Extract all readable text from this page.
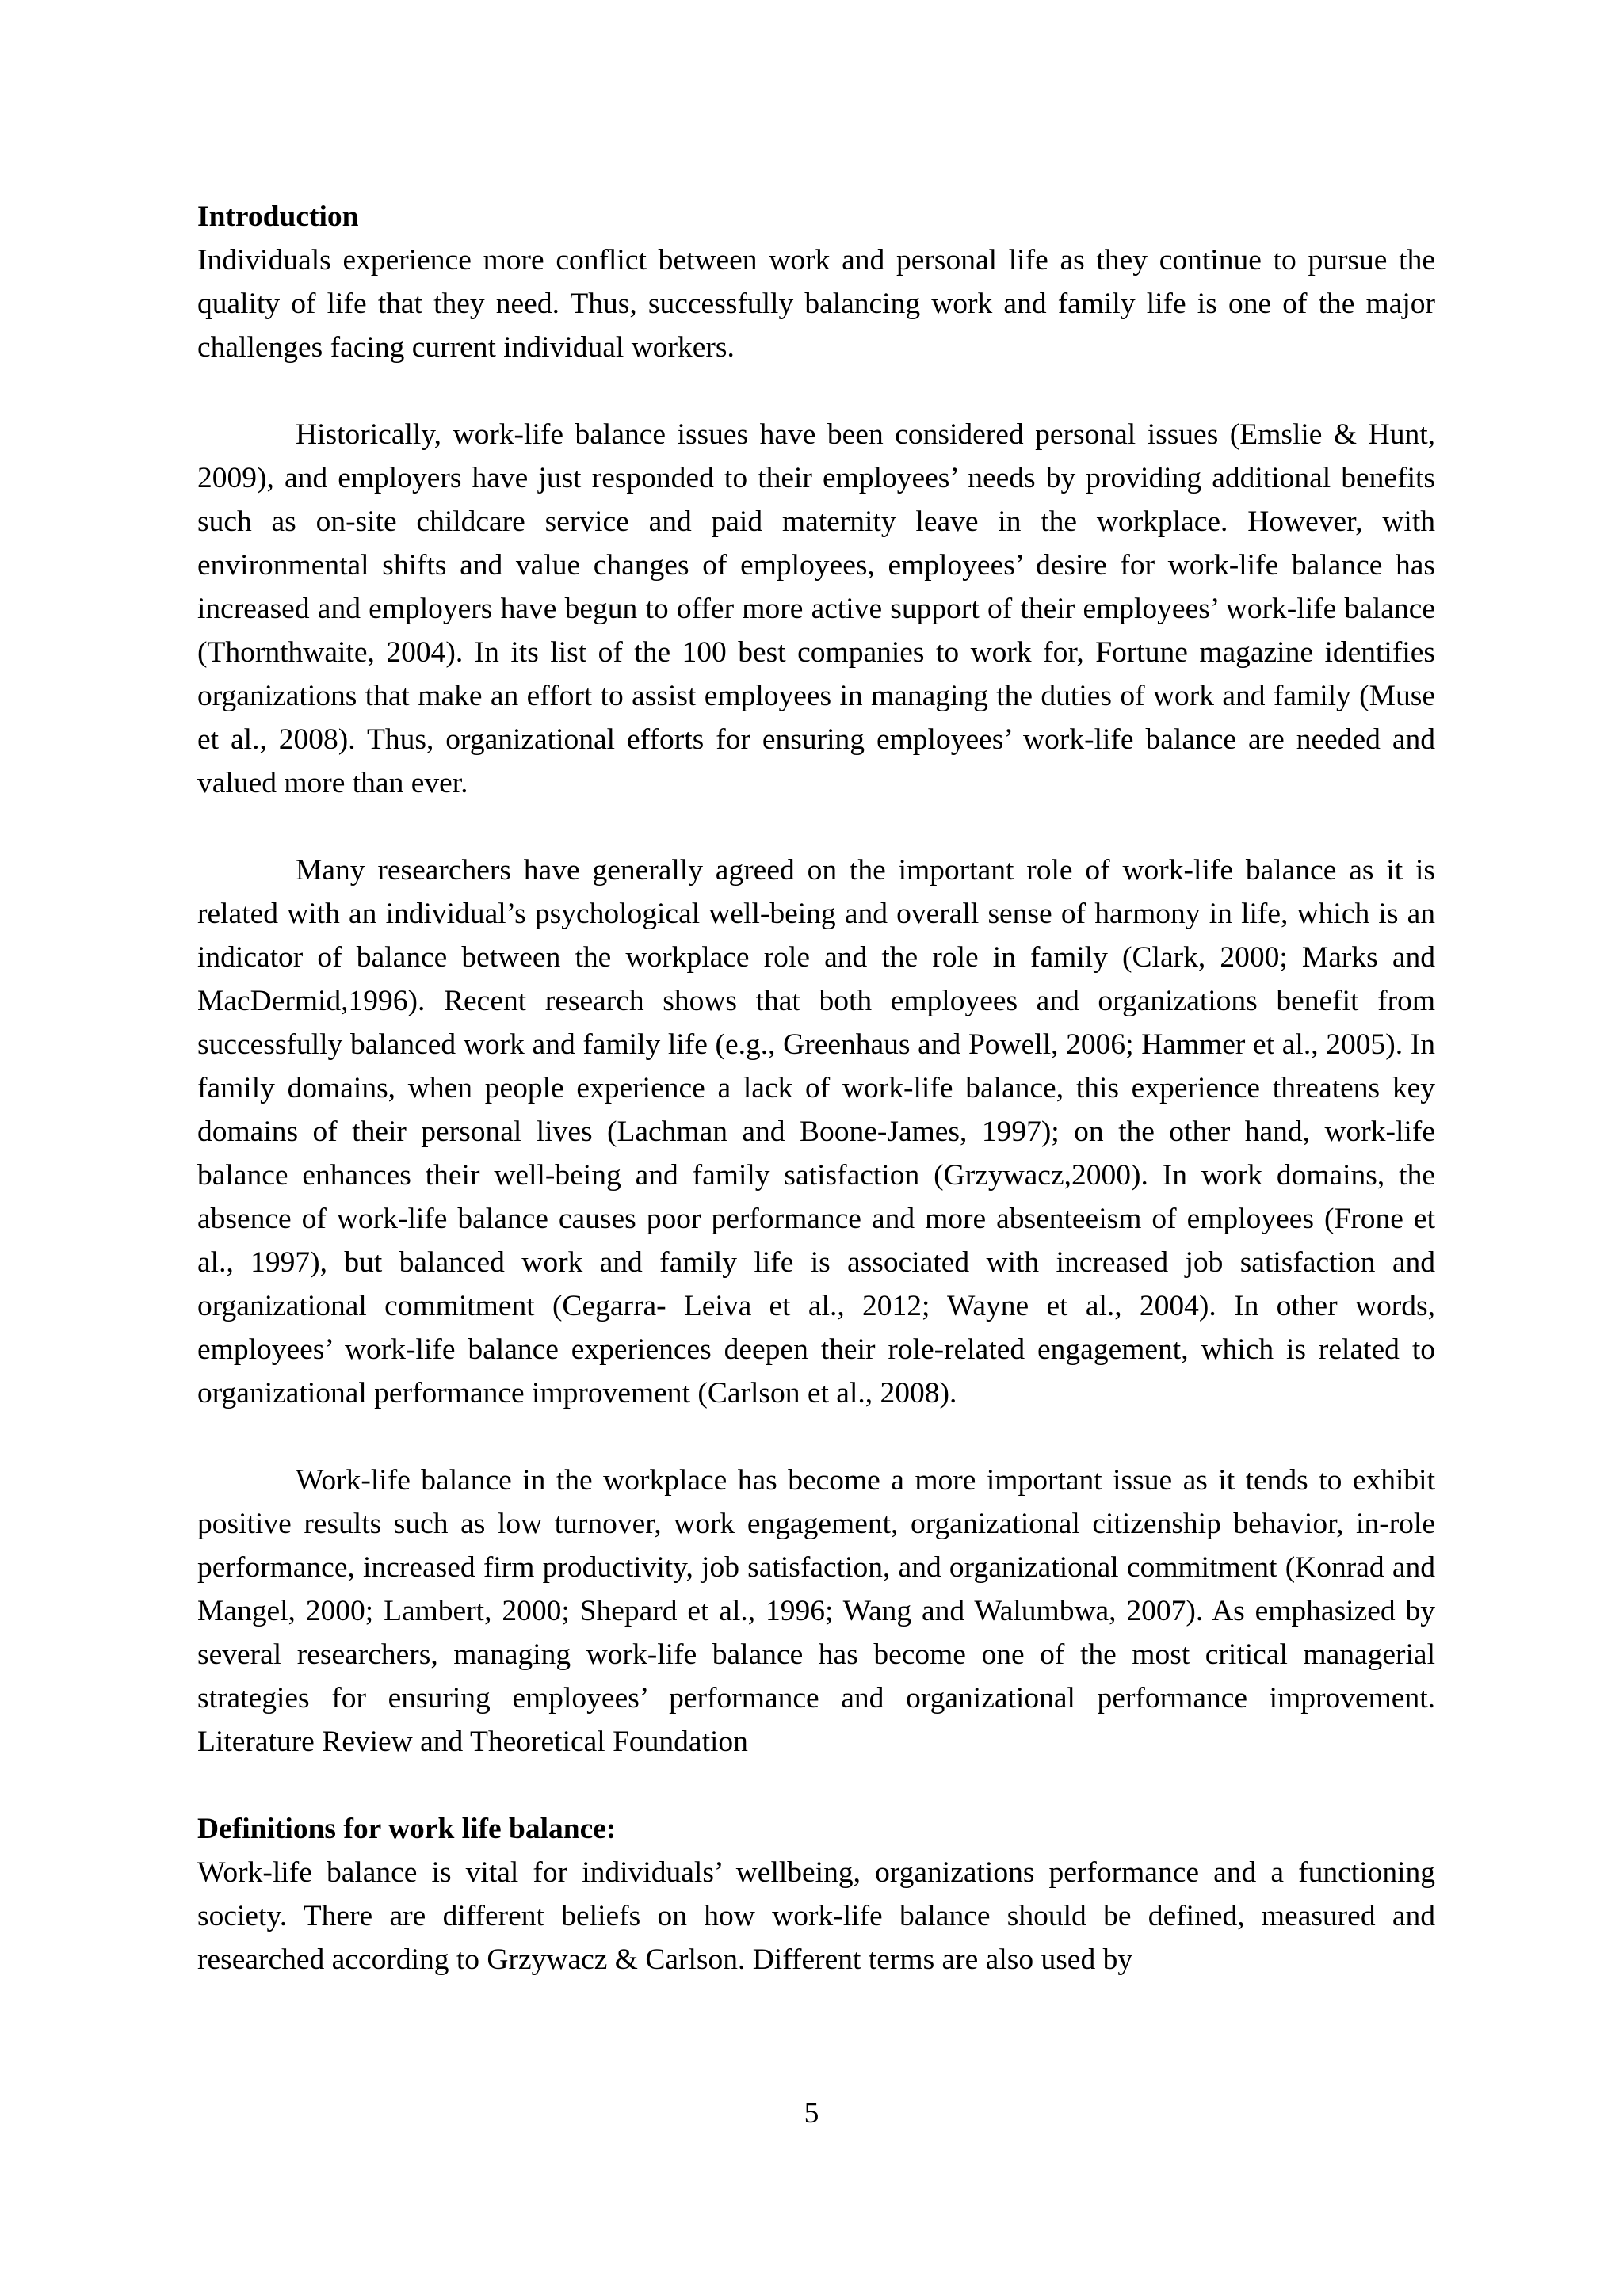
Introduction

Individuals experience more conflict between work and personal life as they continue to pursue the quality of life that they need. Thus, successfully balancing work and family life is one of the major challenges facing current individual workers.

Historically, work-life balance issues have been considered personal issues (Emslie & Hunt, 2009), and employers have just responded to their employees’ needs by providing additional benefits such as on-site childcare service and paid maternity leave in the workplace. However, with environmental shifts and value changes of employees, employees’ desire for work-life balance has increased and employers have begun to offer more active support of their employees’ work-life balance (Thornthwaite, 2004). In its list of the 100 best companies to work for, Fortune magazine identifies organizations that make an effort to assist employees in managing the duties of work and family (Muse et al., 2008). Thus, organizational efforts for ensuring employees’ work-life balance are needed and valued more than ever.

Many researchers have generally agreed on the important role of work-life balance as it is related with an individual’s psychological well-being and overall sense of harmony in life, which is an indicator of balance between the workplace role and the role in family (Clark, 2000; Marks and MacDermid,1996). Recent research shows that both employees and organizations benefit from successfully balanced work and family life (e.g., Greenhaus and Powell, 2006; Hammer et al., 2005). In family domains, when people experience a lack of work-life balance, this experience threatens key domains of their personal lives (Lachman and Boone-James, 1997); on the other hand, work-life balance enhances their well-being and family satisfaction (Grzywacz,2000). In work domains, the absence of work-life balance causes poor performance and more absenteeism of employees (Frone et al., 1997), but balanced work and family life is associated with increased job satisfaction and organizational commitment (Cegarra- Leiva et al., 2012; Wayne et al., 2004). In other words, employees’ work-life balance experiences deepen their role-related engagement, which is related to organizational performance improvement (Carlson et al., 2008).

Work-life balance in the workplace has become a more important issue as it tends to exhibit positive results such as low turnover, work engagement, organizational citizenship behavior, in-role performance, increased firm productivity, job satisfaction, and organizational commitment (Konrad and Mangel, 2000; Lambert, 2000; Shepard et al., 1996; Wang and Walumbwa, 2007). As emphasized by several researchers, managing work-life balance has become one of the most critical managerial strategies for ensuring employees’ performance and organizational performance improvement. Literature Review and Theoretical Foundation

Definitions for work life balance:

Work-life balance is vital for individuals’ wellbeing, organizations performance and a functioning society. There are different beliefs on how work-life balance should be defined, measured and researched according to Grzywacz & Carlson. Different terms are also used by

5
